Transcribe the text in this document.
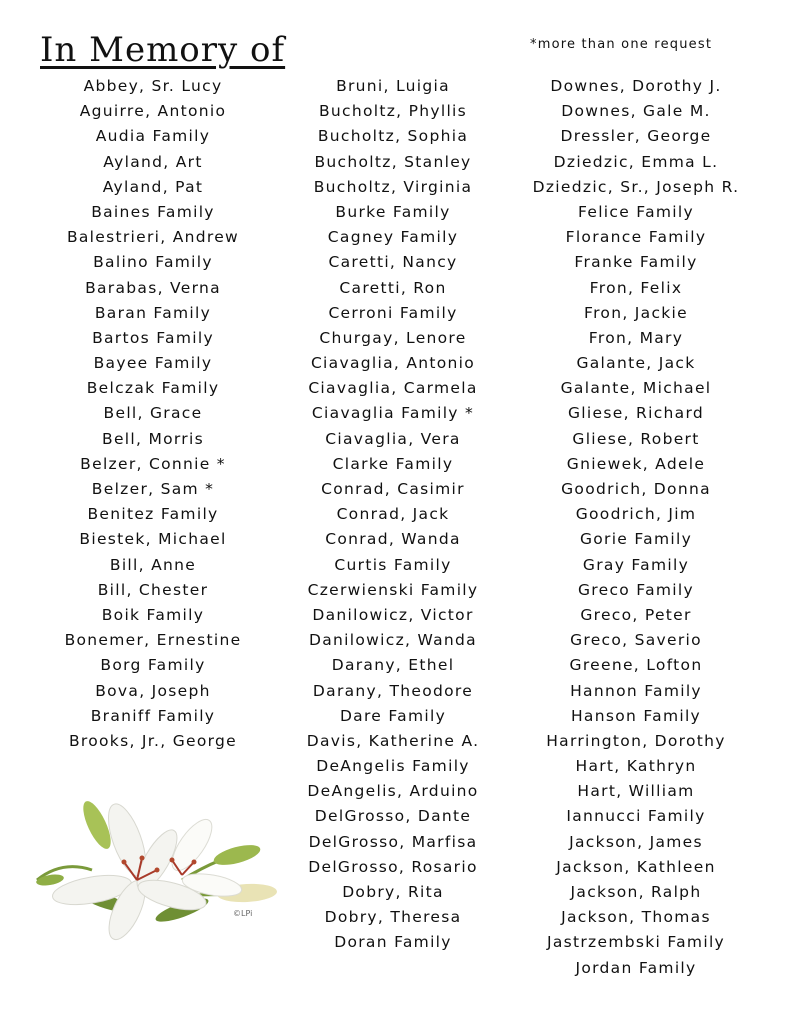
In Memory of	*more than one request
Abbey, Sr. Lucy
Aguirre, Antonio
Audia Family
Ayland, Art
Ayland, Pat
Baines Family
Balestrieri, Andrew
Balino Family
Barabas, Verna
Baran Family
Bartos Family
Bayee Family
Belczak Family
Bell, Grace
Bell, Morris
Belzer, Connie *
Belzer, Sam *
Benitez Family
Biestek, Michael
Bill, Anne
Bill, Chester
Boik Family
Bonemer, Ernestine
Borg Family
Bova, Joseph
Braniff Family
Brooks, Jr., George
Bruni, Luigia
Bucholtz, Phyllis
Bucholtz, Sophia
Bucholtz, Stanley
Bucholtz, Virginia
Burke Family
Cagney Family
Caretti, Nancy
Caretti, Ron
Cerroni Family
Churgay, Lenore
Ciavaglia, Antonio
Ciavaglia, Carmela
Ciavaglia Family *
Ciavaglia, Vera
Clarke Family
Conrad, Casimir
Conrad, Jack
Conrad, Wanda
Curtis Family
Czerwienski Family
Danilowicz, Victor
Danilowicz, Wanda
Darany, Ethel
Darany, Theodore
Dare Family
Davis, Katherine A.
DeAngelis Family
DeAngelis, Arduino
DelGrosso, Dante
DelGrosso, Marfisa
DelGrosso, Rosario
Dobry, Rita
Dobry, Theresa
Doran Family
Downes, Dorothy J.
Downes, Gale M.
Dressler, George
Dziedzic, Emma L.
Dziedzic, Sr., Joseph R.
Felice Family
Florance Family
Franke Family
Fron, Felix
Fron, Jackie
Fron, Mary
Galante, Jack
Galante, Michael
Gliese, Richard
Gliese, Robert
Gniewek, Adele
Goodrich, Donna
Goodrich, Jim
Gorie Family
Gray Family
Greco Family
Greco, Peter
Greco, Saverio
Greene, Lofton
Hannon Family
Hanson Family
Harrington, Dorothy
Hart, Kathryn
Hart, William
Iannucci Family
Jackson, James
Jackson, Kathleen
Jackson, Ralph
Jackson, Thomas
Jastrzembski Family
Jordan Family
©LPi
